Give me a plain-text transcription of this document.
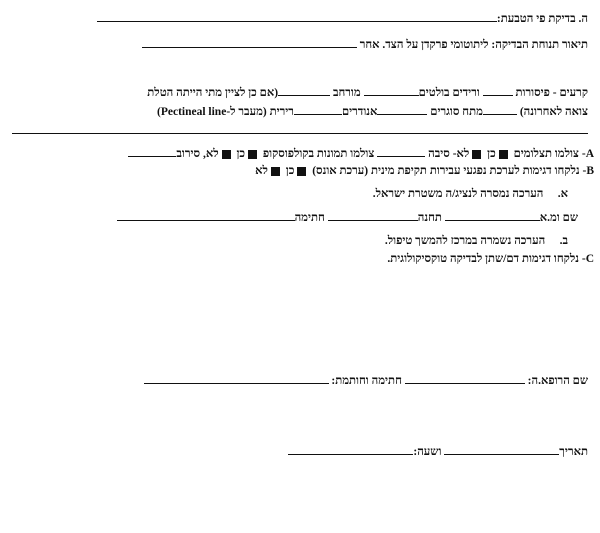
ה. בדיקת פי הטבעת:
תיאור תנוחת הבדיקה: ליתוטומי פרקדן על הצד. אחר
קרעים - פיסורות  ורידים בולטים מורחב (אם כן לציין מתי הייתה הטלת
צואה לאחרונה) מתח סוגרים אנודריםרירית (מעבר ל-Pectineal line)
A- צולמו תצלומים כן לא- סיבה  צולמו תמונות בקולפוסקופ כן לא, סירוב
B- נלקחו דגימות לערכת נפגעי עבירות תקיפת מינית (ערכת אונס) כן לא
א.     הערכה נמסרה לנציג/ה משטרת ישראל.
שם ומ.א תחנה חתימה
ב.     הערכה נשמרה במרכז להמשך טיפול.
C- נלקחו דגימות דם/שתן לבדיקה טוקסיקולוגית.
שם הרופא.ה:  חתימה וחותמת:
תאריך ושעה:
